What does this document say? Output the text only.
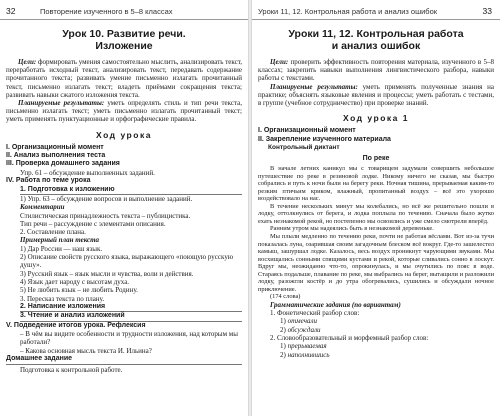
32	Повторение изученного в 5–8 классах
Урок 10. Развитие речи.
Изложение

Цели: формировать умения самостоятельно мыслить, анализировать текст, переработать исходный текст, анализировать текст, передавать содержание прочитанного текста; развивать умение письменно излагать прочитанный текст, письменно излагать текст; владеть приёмами сокращения текста; развивать навыки сжатого изложения текста.

Планируемые результаты: уметь определять стиль и тип речи текста, письменно излагать текст; уметь письменно излагать прочитанный текст; уметь применять пунктуационные и орфографические правила.

Ход урока
I. Организационный момент
II. Анализ выполнения теста
III. Проверка домашнего задания
Упр. 61 – обсуждение выполненных заданий.
IV. Работа по теме урока
1. Подготовка к изложению
1) Упр. 63 – обсуждение вопросов и выполнение заданий.
Комментарии
Стилистическая принадлежность текста – публицистика.
Тип речи – рассуждение с элементами описания.
2. Составление плана.
Примерный план текста
1) Дар России — наш язык.
2) Описание свойств русского языка, выражающего «поющую русскую душу».
3) Русский язык – язык мысли и чувства, воли и действия.
4) Язык дает народу с высотам духа.
5) Не любить язык – не любить Родину.
3. Пересказ текста по плану.
2. Написание изложения
3. Чтение и анализ изложений
V. Подведение итогов урока. Рефлексия
– В чём вы видите особенности и трудности изложения, над которым мы работали?
– Какова основная мысль текста И. Ильина?
Домашнее задание
Подготовка к контрольной работе.
Уроки 11, 12. Контрольная работа и анализ ошибок	33
Уроки 11, 12. Контрольная работа
и анализ ошибок

Цели: проверить эффективность повторения материала, изученного в 5–8 классах; закрепить навыки выполнения лингвистического разбора, навыки работы с текстами.

Планируемые результаты: уметь применять полученные знания на практике; объяснять языковые явления и процессы; уметь работать с тестами, в группе (учебное сотрудничество) при проверке знаний.

Ход урока 1
I. Организационный момент
II. Закрепление изученного материала
Контрольный диктант
По реке

В начале летних каникул мы с товарищем задумали совершить небольшое путешествие по реке в резиновой лодке. Никому ничего не сказав, мы быстро собрались и путь к ночи были на берегу реки. Ночная тишина, прерываемая каким-то резким птичьим криком, влажный, пропитанный воздух – всё это ухорошо воздействовало на нас.

В течение нескольких минут мы колебались, но всё же решительно пошли в лодку, оттолкнулись от берега, и лодка поплыла по течению. Сначала было жутко ехать незнакомой рекой, но постепенно мы освоились и уже смело смотрели вперёд.

Ранним утром мы надеялись быть в незнакомой деревеньке.

Мы плыли медленно по течению реки, почти не работая вёслами. Вот из-за тучи показалась луна, озарившая своим загадочным блеском всё вокруг. Где-то зашелестел камыш, зашуршал лодке. Казалось, весь воздух проникнут чарующими звуками. Мы восхищались сонными спящими кустами и рекой, которые сливались сонно в лоскут. Вдруг мы, неожиданно что-то, опрокинулась, и мы очутились по пояс в воде. Стараясь подальше, плавание по реке, мы выбрались на берег, вытащили и разложили лодку, разожгли костёр и до утра обогревались, сушились и обсуждали ночное приключение.

(174 слова)

Грамматические задания (по вариантам)
1. Фонетический разбор слов:
1) отмечали
2) обсуждали
2. Словообразовательный и морфемный разбор слов:
1) прерываемая
2) наполнившись
